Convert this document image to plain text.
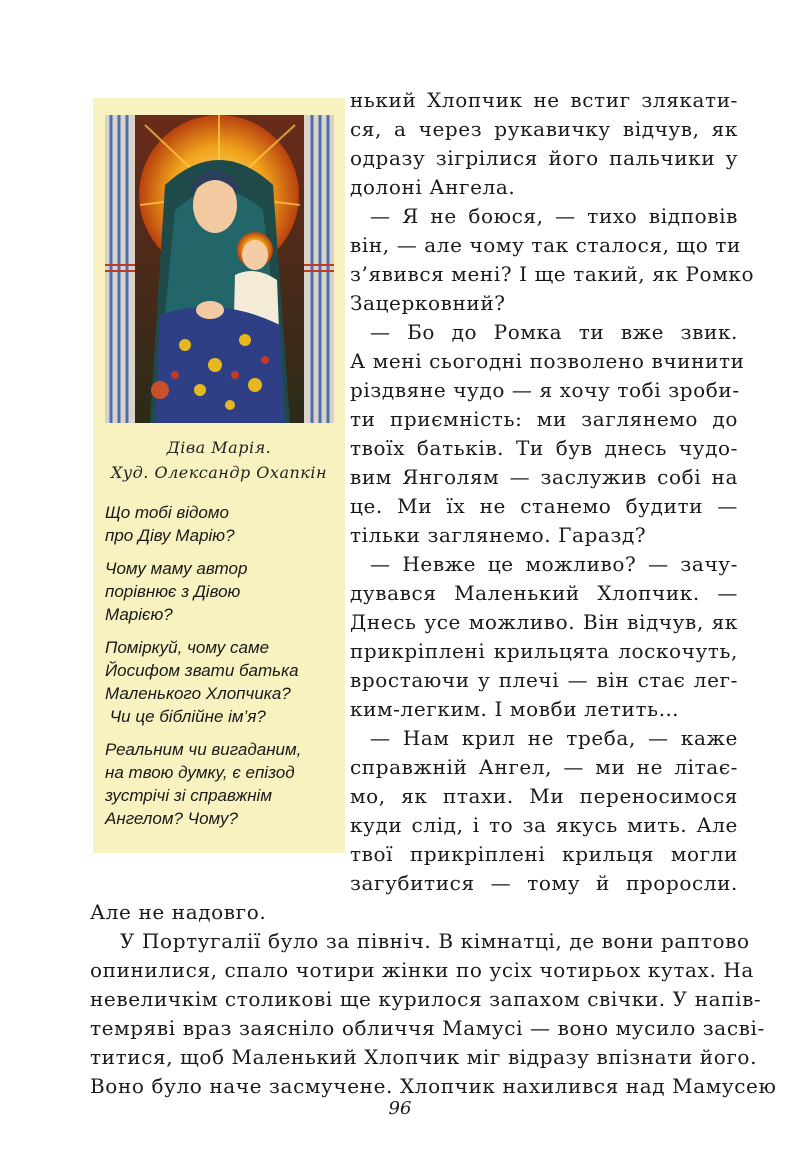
Діва Марія.
Худ. Олександр Охапкін
Що тобі відомо
про Діву Марію?
Чому маму автор
порівнює з Дівою
Марією?
Поміркуй, чому саме
Йосифом звати батька
Маленького Хлопчика?
Чи це біблійне ім’я?
Реальним чи вигаданим,
на твою думку, є епізод
зустрічі зі справжнім
Ангелом? Чому?
нький Хлопчик не встиг злякати-
ся, а через рукавичку відчув, як
одразу зігрілися його пальчики у
долоні Ангела.
— Я не боюся, — тихо відповів
він, — але чому так сталося, що ти
з’явився мені? І ще такий, як Ромко
Зацерковний?
— Бо до Ромка ти вже звик.
А мені сьогодні позволено вчинити
різдвяне чудо — я хочу тобі зроби-
ти приємність: ми заглянемо до
твоїх батьків. Ти був днесь чудо-
вим Янголям — заслужив собі на
це. Ми їх не станемо будити —
тільки заглянемо. Гаразд?
— Невже це можливо? — зачу-
дувався Маленький Хлопчик. —
Днесь усе можливо. Він відчув, як
прикріплені крильцята лоскочуть,
вростаючи у плечі — він стає лег-
ким-легким. І мовби летить…
— Нам крил не треба, — каже
справжній Ангел, — ми не літає-
мо, як птахи. Ми переносимося
куди слід, і то за якусь мить. Але
твої прикріплені крильця могли
загубитися — тому й проросли.
Але не надовго.
У Португалії було за північ. В кімнатці, де вони раптово
опинилися, спало чотири жінки по усіх чотирьох кутах. На
невеличкім столикові ще курилося запахом свічки. У напів-
темряві враз заясніло обличчя Мамусі — воно мусило засві-
титися, щоб Маленький Хлопчик міг відразу впізнати його.
Воно було наче засмучене. Хлопчик нахилився над Мамусею
96
